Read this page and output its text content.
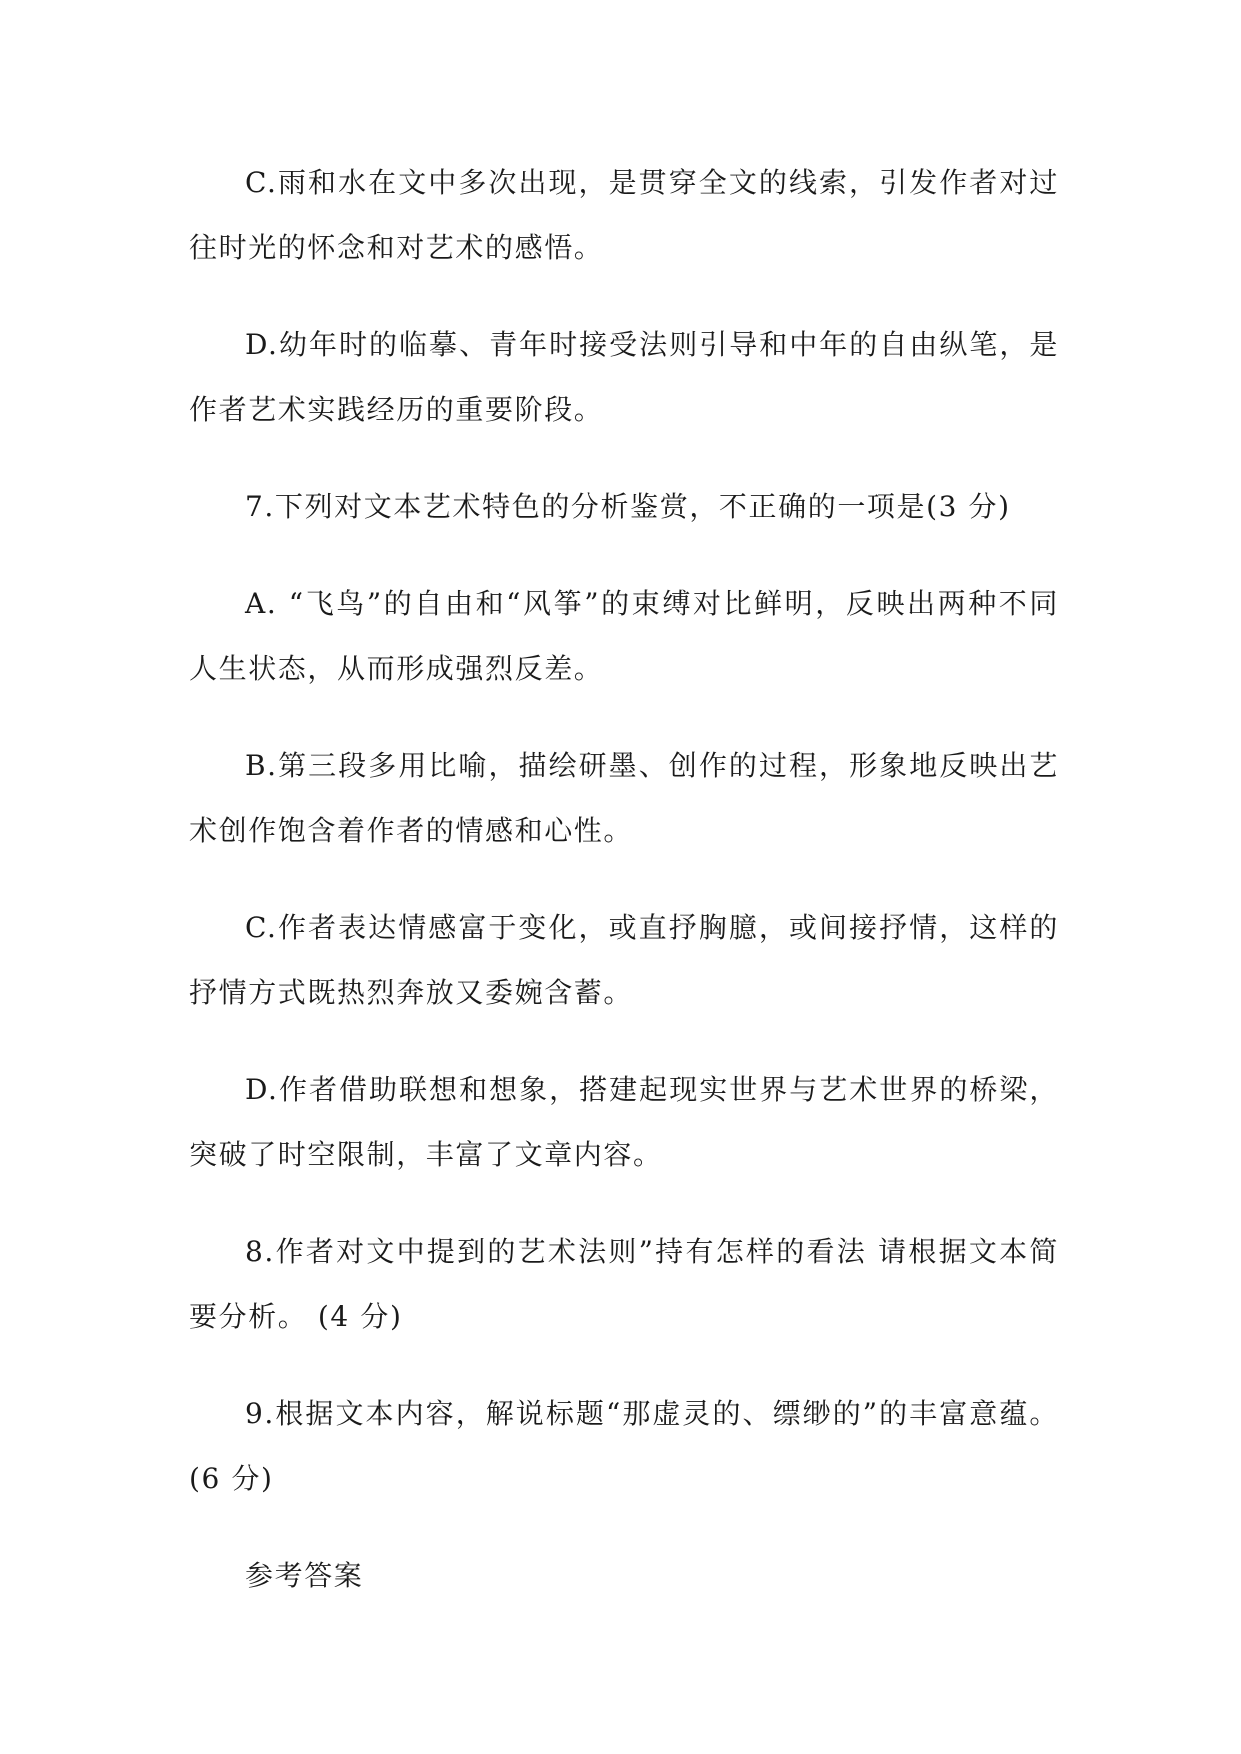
C.雨和水在文中多次出现，是贯穿全文的线索，引发作者对过往时光的怀念和对艺术的感悟。

D.幼年时的临摹、青年时接受法则引导和中年的自由纵笔，是作者艺术实践经历的重要阶段。

7.下列对文本艺术特色的分析鉴赏，不正确的一项是(3 分)

A. “飞鸟”的自由和“风筝”的束缚对比鲜明，反映出两种不同人生状态，从而形成强烈反差。

B.第三段多用比喻，描绘研墨、创作的过程，形象地反映出艺术创作饱含着作者的情感和心性。

C.作者表达情感富于变化，或直抒胸臆，或间接抒情，这样的抒情方式既热烈奔放又委婉含蓄。

D.作者借助联想和想象，搭建起现实世界与艺术世界的桥梁，突破了时空限制，丰富了文章内容。

8.作者对文中提到的艺术法则”持有怎样的看法 请根据文本简要分析。 (4 分)

9.根据文本内容，解说标题“那虚灵的、缥缈的”的丰富意蕴。 (6 分)

参考答案
